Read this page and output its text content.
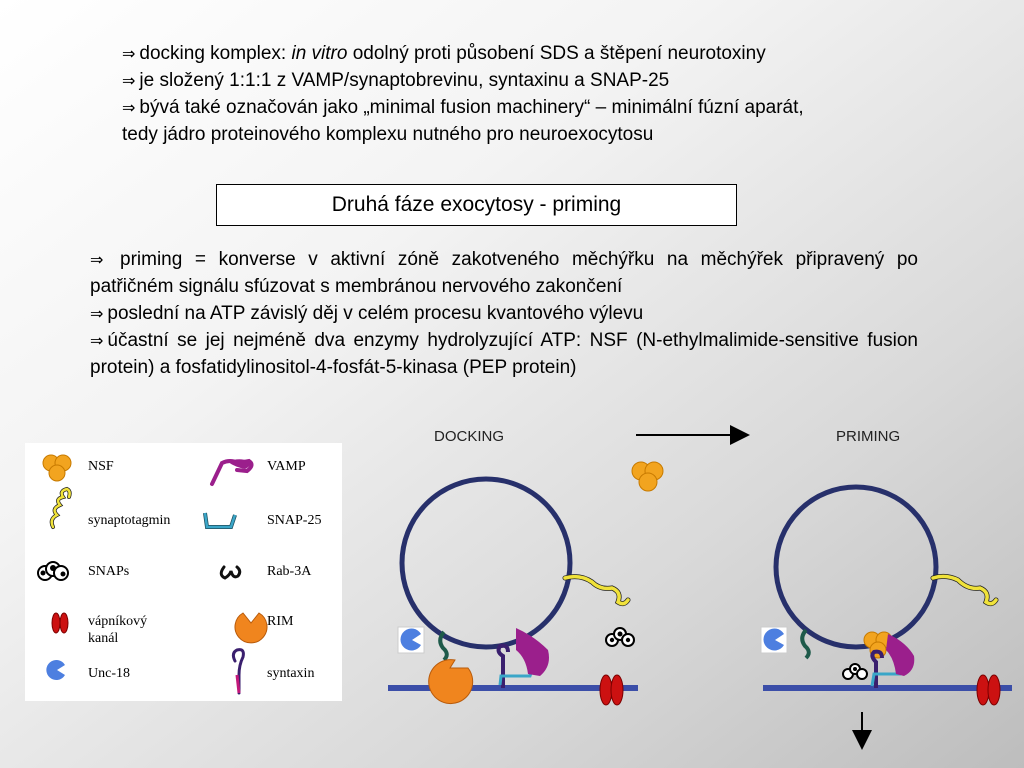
⇒ docking komplex: in vitro odolný proti působení SDS a štěpení neurotoxiny
⇒ je složený 1:1:1 z VAMP/synaptobrevinu, syntaxinu a SNAP-25
⇒ bývá také označován jako „minimal fusion machinery“ – minimální fúzní aparát,
tedy jádro proteinového komplexu nutného pro neuroexocytosu
Druhá fáze exocytosy - priming
⇒ priming = konverse v aktivní zóně zakotveného měchýřku na měchýřek připravený po patřičném signálu sfúzovat s membránou nervového zakončení
⇒ poslední na ATP závislý děj v celém procesu kvantového výlevu
⇒ účastní se jej nejméně dva enzymy hydrolyzující ATP: NSF (N-ethylmalimide-sensitive fusion protein) a fosfatidylinositol-4-fosfát-5-kinasa (PEP protein)
NSF	VAMP
synaptotagmin	SNAP-25
SNAPs	Rab-3A
vápníkový
kanál
RIM
Unc-18	syntaxin
DOCKING	PRIMING
